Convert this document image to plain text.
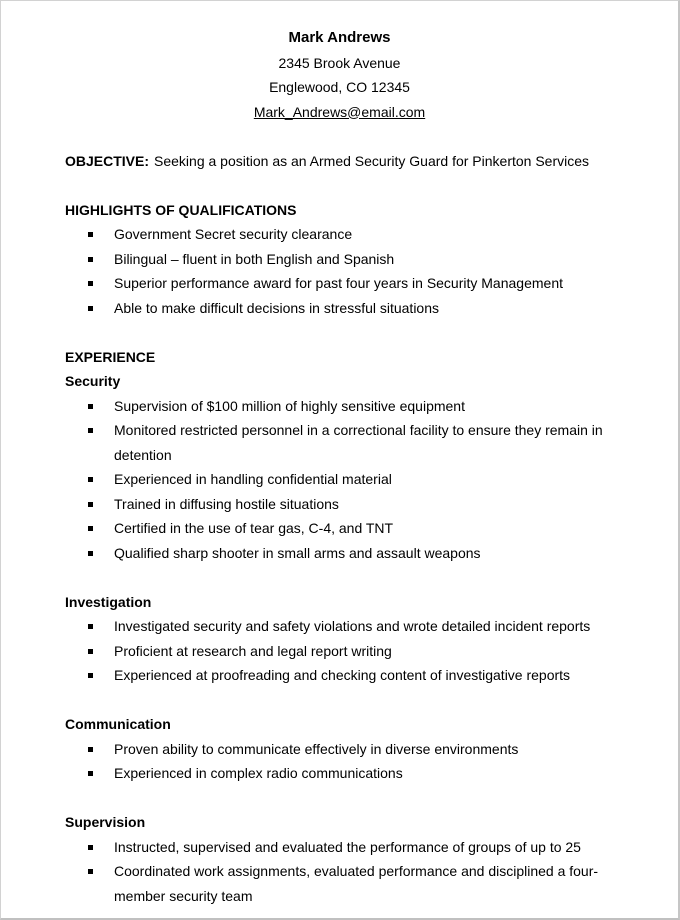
Mark Andrews
2345 Brook Avenue
Englewood, CO 12345
Mark_Andrews@email.com
OBJECTIVE: Seeking a position as an Armed Security Guard for Pinkerton Services
HIGHLIGHTS OF QUALIFICATIONS
Government Secret security clearance
Bilingual – fluent in both English and Spanish
Superior performance award for past four years in Security Management
Able to make difficult decisions in stressful situations
EXPERIENCE
Security
Supervision of $100 million of highly sensitive equipment
Monitored restricted personnel in a correctional facility to ensure they remain in detention
Experienced in handling confidential material
Trained in diffusing hostile situations
Certified in the use of tear gas, C-4, and TNT
Qualified sharp shooter in small arms and assault weapons
Investigation
Investigated security and safety violations and wrote detailed incident reports
Proficient at research and legal report writing
Experienced at proofreading and checking content of investigative reports
Communication
Proven ability to communicate effectively in diverse environments
Experienced in complex radio communications
Supervision
Instructed, supervised and evaluated the performance of groups of up to 25
Coordinated work assignments, evaluated performance and disciplined a four-member security team
